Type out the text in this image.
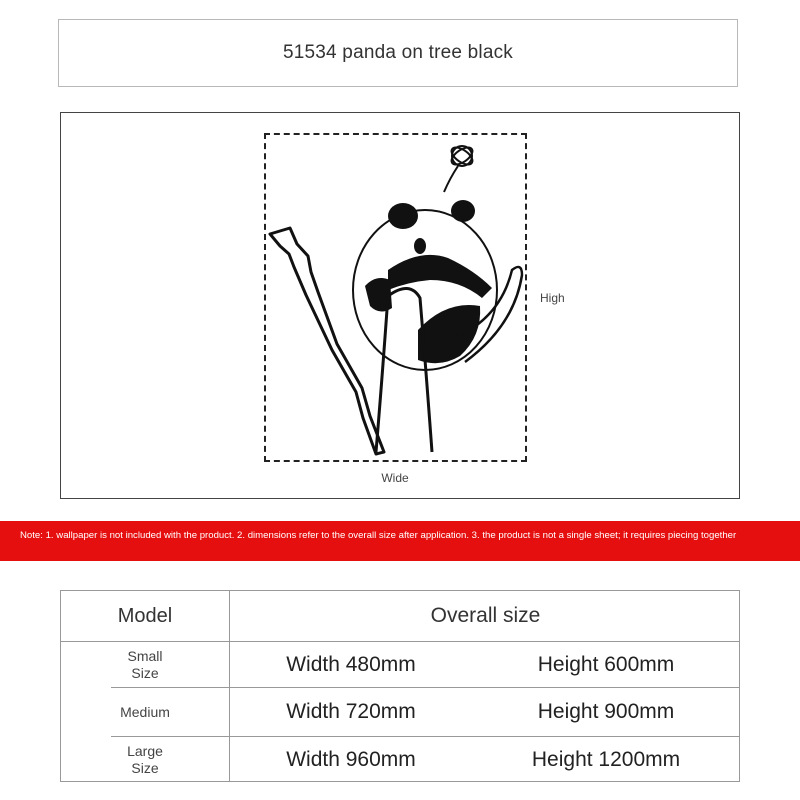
51534 panda on tree black
High
Wide
Note: 1. wallpaper is not included with the product. 2. dimensions refer to the overall size after application. 3. the product is not a single sheet; it requires piecing together
Model	Overall size
Small
Size	Width 480mm	Height 600mm
Medium	Width 720mm	Height 900mm
Large
Size	Width 960mm	Height 1200mm
